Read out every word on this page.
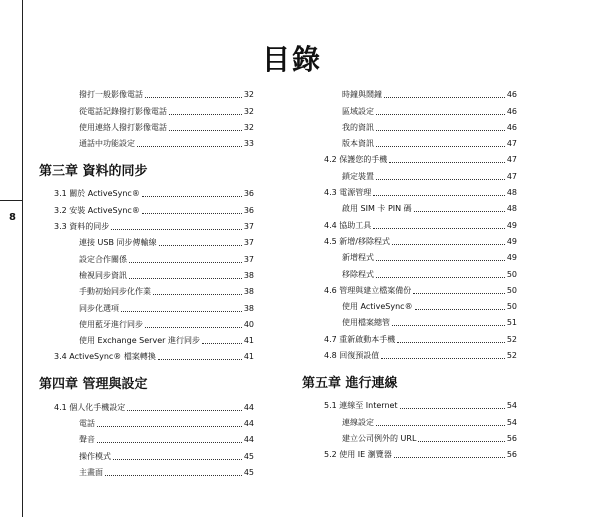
8
目錄
撥打一般影像電話	32
從電話記錄撥打影像電話	32
使用連絡人撥打影像電話	32
通話中功能設定	33
第三章 資料的同步
3.1 關於 ActiveSync®	36
3.2 安裝 ActiveSync®	36
3.3 資料的同步	37
連接 USB 同步傳輸線	37
設定合作關係	37
檢視同步資訊	38
手動初始同步化作業	38
同步化選項	38
使用藍牙進行同步	40
使用 Exchange Server 進行同步	41
3.4 ActiveSync® 檔案轉換	41
第四章 管理與設定
4.1 個人化手機設定	44
電話	44
聲音	44
操作模式	45
主畫面	45
時鐘與鬧鐘	46
區域設定	46
我的資訊	46
版本資訊	47
4.2 保護您的手機	47
鎖定裝置	47
4.3 電源管理	48
啟用 SIM 卡 PIN 碼	48
4.4 協助工具	49
4.5 新增/移除程式	49
新增程式	49
移除程式	50
4.6 管理與建立檔案備份	50
使用 ActiveSync®	50
使用檔案總管	51
4.7 重新啟動本手機	52
4.8 回復預設值	52
第五章 進行連線
5.1 連線至 Internet	54
連線設定	54
建立公司例外的 URL	56
5.2 使用 IE 瀏覽器	56
